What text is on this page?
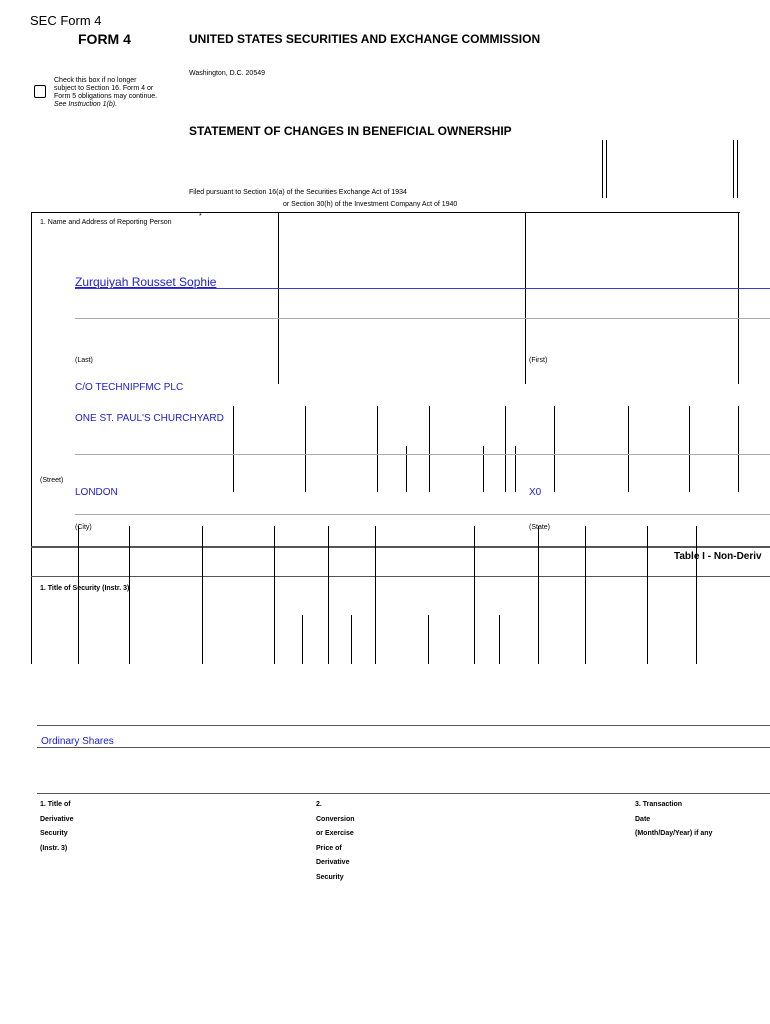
SEC Form 4
FORM 4	UNITED STATES SECURITIES AND EXCHANGE COMMISSION
Washington, D.C. 20549
Check this box if no longer
subject to Section 16. Form 4 or
Form 5 obligations may continue.
See Instruction 1(b).
STATEMENT OF CHANGES IN BENEFICIAL OWNERSHIP
Filed pursuant to Section 16(a) of the Securities Exchange Act of 1934
or Section 30(h) of the Investment Company Act of 1940
1. Name and Address of Reporting Person
*
Zurquiyah Rousset Sophie
(Last)	(First)
C/O TECHNIPFMC PLC
ONE ST. PAUL'S CHURCHYARD
(Street)
LONDON	X0
(City)	(State)
Table I - Non-Deriv
1. Title of Security (Instr. 3)
Ordinary Shares
1. Title of
Derivative
Security
(Instr. 3)
2.
Conversion
or Exercise
Price of
Derivative
Security
3. Transaction
Date
(Month/Day/Year) if any
